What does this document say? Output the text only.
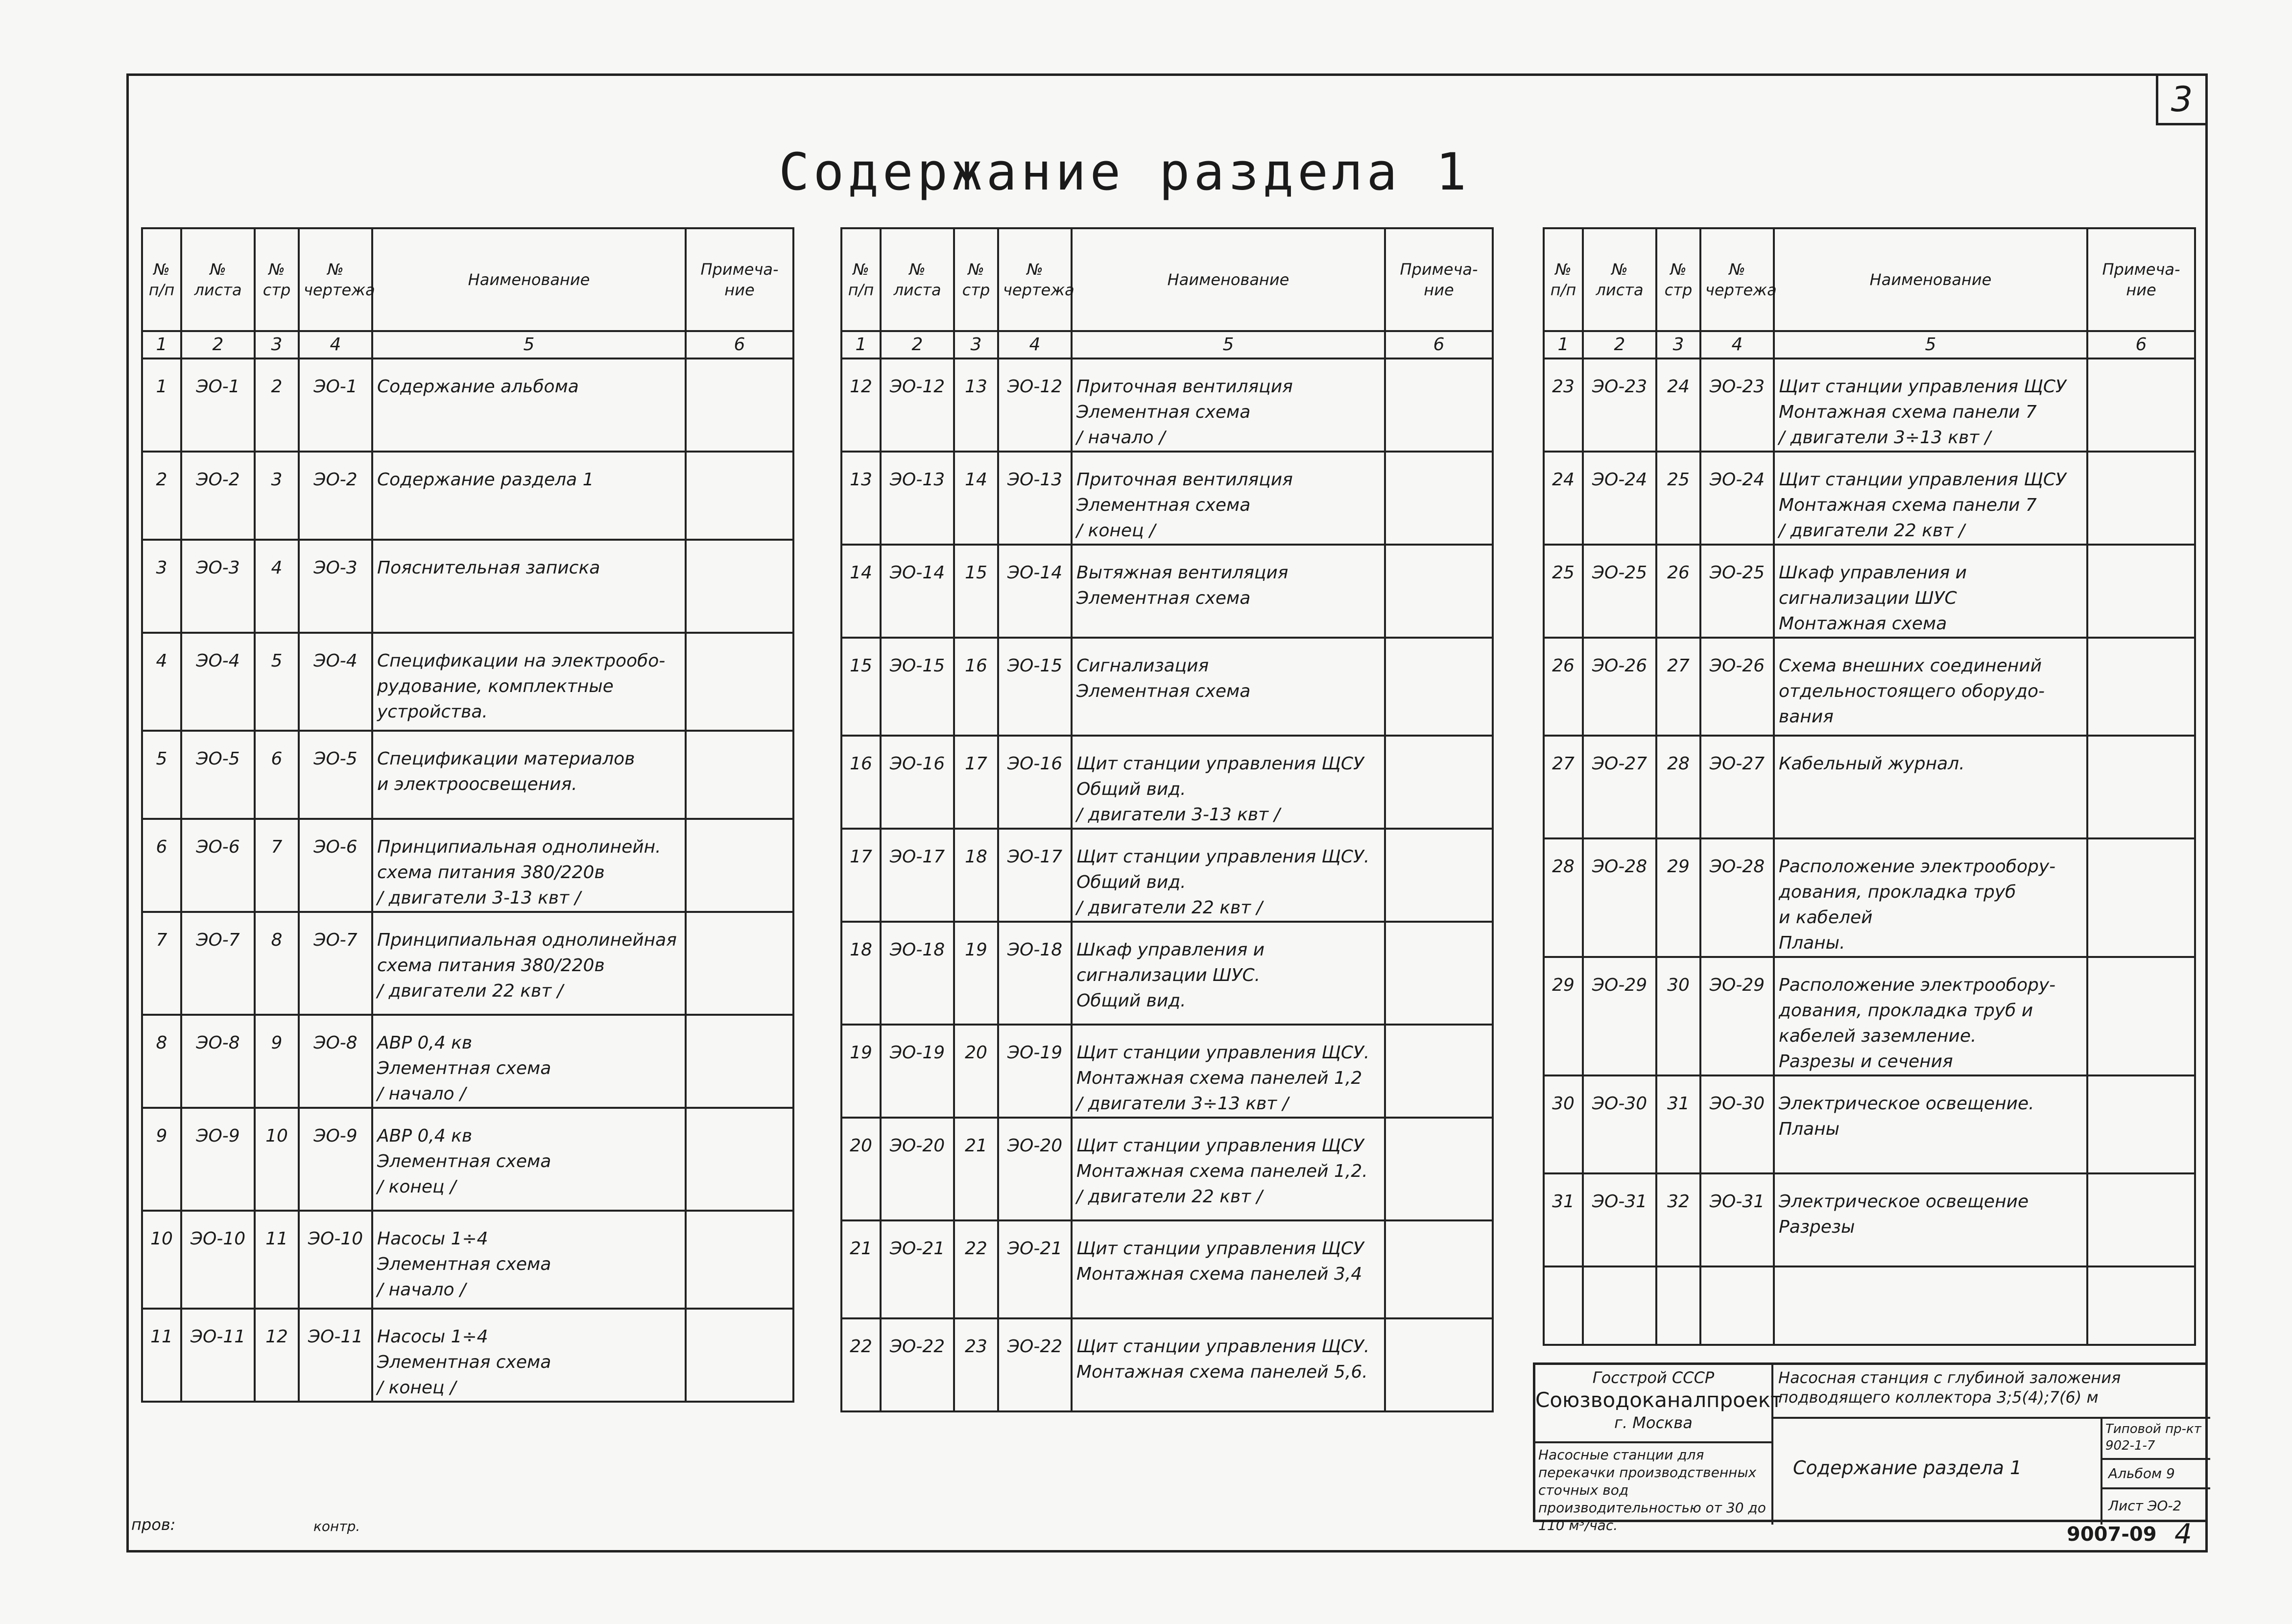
3
Содержание раздела 1
№ п/п	№ листа	№ стр	№ чертежа	Наименование	Примеча-ние
1	2	3	4	5	6
1	ЭО-1	2	ЭО-1	Содержание альбома	
2	ЭО-2	3	ЭО-2	Содержание раздела 1	
3	ЭО-3	4	ЭО-3	Пояснительная записка	
4	ЭО-4	5	ЭО-4	Спецификации на электрообо-
рудование, комплектные
устройства.	
5	ЭО-5	6	ЭО-5	Спецификации материалов
и электроосвещения.	
6	ЭО-6	7	ЭО-6	Принципиальная однолинейн.
схема питания 380/220в
/ двигатели 3-13 квт /	
7	ЭО-7	8	ЭО-7	Принципиальная однолинейная
схема питания 380/220в
/ двигатели 22 квт /	
8	ЭО-8	9	ЭО-8	АВР 0,4 кв
Элементная схема
/ начало /	
9	ЭО-9	10	ЭО-9	АВР 0,4 кв
Элементная схема
/ конец /	
10	ЭО-10	11	ЭО-10	Насосы 1÷4
Элементная схема
/ начало /	
11	ЭО-11	12	ЭО-11	Насосы 1÷4
Элементная схема
/ конец /	
№ п/п	№ листа	№ стр	№ чертежа	Наименование	Примеча-ние
1	2	3	4	5	6
12	ЭО-12	13	ЭО-12	Приточная вентиляция
Элементная схема
/ начало /	
13	ЭО-13	14	ЭО-13	Приточная вентиляция
Элементная схема
/ конец /	
14	ЭО-14	15	ЭО-14	Вытяжная вентиляция
Элементная схема	
15	ЭО-15	16	ЭО-15	Сигнализация
Элементная схема	
16	ЭО-16	17	ЭО-16	Щит станции управления ЩСУ
Общий вид.
/ двигатели 3-13 квт /	
17	ЭО-17	18	ЭО-17	Щит станции управления ЩСУ.
Общий вид.
/ двигатели 22 квт /	
18	ЭО-18	19	ЭО-18	Шкаф управления и
сигнализации ШУС.
Общий вид.	
19	ЭО-19	20	ЭО-19	Щит станции управления ЩСУ.
Монтажная схема панелей 1,2
/ двигатели 3÷13 квт /	
20	ЭО-20	21	ЭО-20	Щит станции управления ЩСУ
Монтажная схема панелей 1,2.
/ двигатели 22 квт /	
21	ЭО-21	22	ЭО-21	Щит станции управления ЩСУ
Монтажная схема панелей 3,4	
22	ЭО-22	23	ЭО-22	Щит станции управления ЩСУ.
Монтажная схема панелей 5,6.	
№ п/п	№ листа	№ стр	№ чертежа	Наименование	Примеча-ние
1	2	3	4	5	6
23	ЭО-23	24	ЭО-23	Щит станции управления ЩСУ
Монтажная схема панели 7
/ двигатели 3÷13 квт /	
24	ЭО-24	25	ЭО-24	Щит станции управления ЩСУ
Монтажная схема панели 7
/ двигатели 22 квт /	
25	ЭО-25	26	ЭО-25	Шкаф управления и
сигнализации ШУС
Монтажная схема	
26	ЭО-26	27	ЭО-26	Схема внешних соединений
отдельностоящего оборудо-
вания	
27	ЭО-27	28	ЭО-27	Кабельный журнал.	
28	ЭО-28	29	ЭО-28	Расположение электрообору-
дования, прокладка труб
и кабелей
Планы.	
29	ЭО-29	30	ЭО-29	Расположение электрообору-
дования, прокладка труб и
кабелей заземление.
Разрезы и сечения	
30	ЭО-30	31	ЭО-30	Электрическое освещение.
Планы	
31	ЭО-31	32	ЭО-31	Электрическое освещение
Разрезы	

Госстрой СССР
Союзводоканалпроект
г. Москва
Насосные станции для перекачки производственных сточных вод производительностью от 30 до 110 м³/час.
Насосная станция с глубиной заложения подводящего коллектора 3;5(4);7(6) м
Содержание раздела 1
Типовой пр-кт 902-1-7
Альбом 9
Лист ЭО-2
пров:	контр.	9007-09 4
